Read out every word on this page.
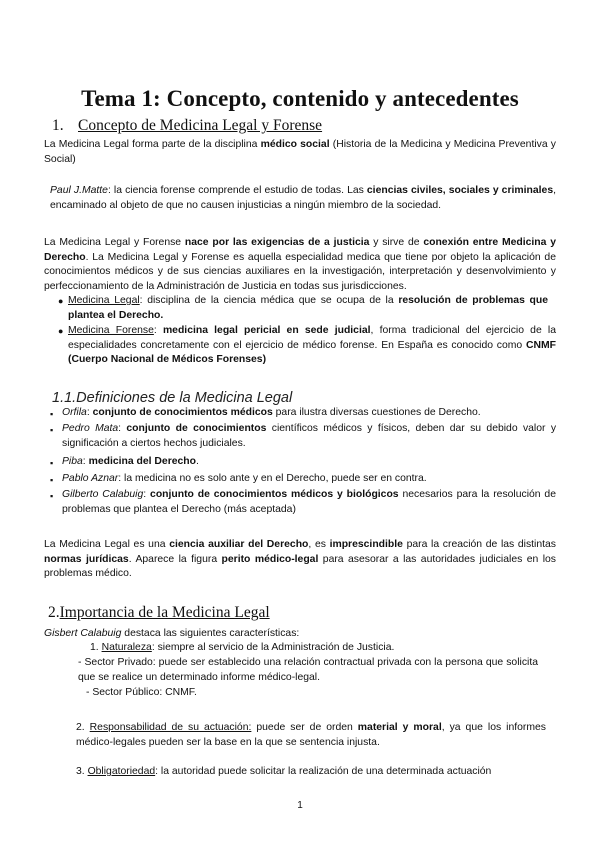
Tema 1: Concepto, contenido y antecedentes
1. Concepto de Medicina Legal y Forense
La Medicina Legal forma parte de la disciplina médico social (Historia de la Medicina y Medicina Preventiva y Social)
Paul J.Matte: la ciencia forense comprende el estudio de todas. Las ciencias civiles, sociales y criminales, encaminado al objeto de que no causen injusticias a ningún miembro de la sociedad.
La Medicina Legal y Forense nace por las exigencias de a justicia y sirve de conexión entre Medicina y Derecho. La Medicina Legal y Forense es aquella especialidad medica que tiene por objeto la aplicación de conocimientos médicos y de sus ciencias auxiliares en la investigación, interpretación y desenvolvimiento y perfeccionamiento de la Administración de Justicia en todas sus jurisdicciones.
● Medicina Legal: disciplina de la ciencia médica que se ocupa de la resolución de problemas que plantea el Derecho.
● Medicina Forense: medicina legal pericial en sede judicial, forma tradicional del ejercicio de la especialidades concretamente con el ejercicio de médico forense. En España es conocido como CNMF (Cuerpo Nacional de Médicos Forenses)
1.1.Definiciones de la Medicina Legal
▪ Orfila: conjunto de conocimientos médicos para ilustra diversas cuestiones de Derecho.
▪ Pedro Mata: conjunto de conocimientos científicos médicos y físicos, deben dar su debido valor y significación a ciertos hechos judiciales.
▪ Piba: medicina del Derecho.
▪ Pablo Aznar: la medicina no es solo ante y en el Derecho, puede ser en contra.
▪ Gilberto Calabuig: conjunto de conocimientos médicos y biológicos necesarios para la resolución de problemas que plantea el Derecho (más aceptada)
La Medicina Legal es una ciencia auxiliar del Derecho, es imprescindible para la creación de las distintas normas jurídicas. Aparece la figura perito médico-legal para asesorar a las autoridades judiciales en los problemas médico.
2.Importancia de la Medicina Legal
Gisbert Calabuig destaca las siguientes características:
1. Naturaleza: siempre al servicio de la Administración de Justicia.
- Sector Privado: puede ser establecido una relación contractual privada con la persona que solicita que se realice un determinado informe médico-legal.
- Sector Público: CNMF.
2. Responsabilidad de su actuación: puede ser de orden material y moral, ya que los informes médico-legales pueden ser la base en la que se sentencia injusta.
3. Obligatoriedad: la autoridad puede solicitar la realización de una determinada actuación
1
